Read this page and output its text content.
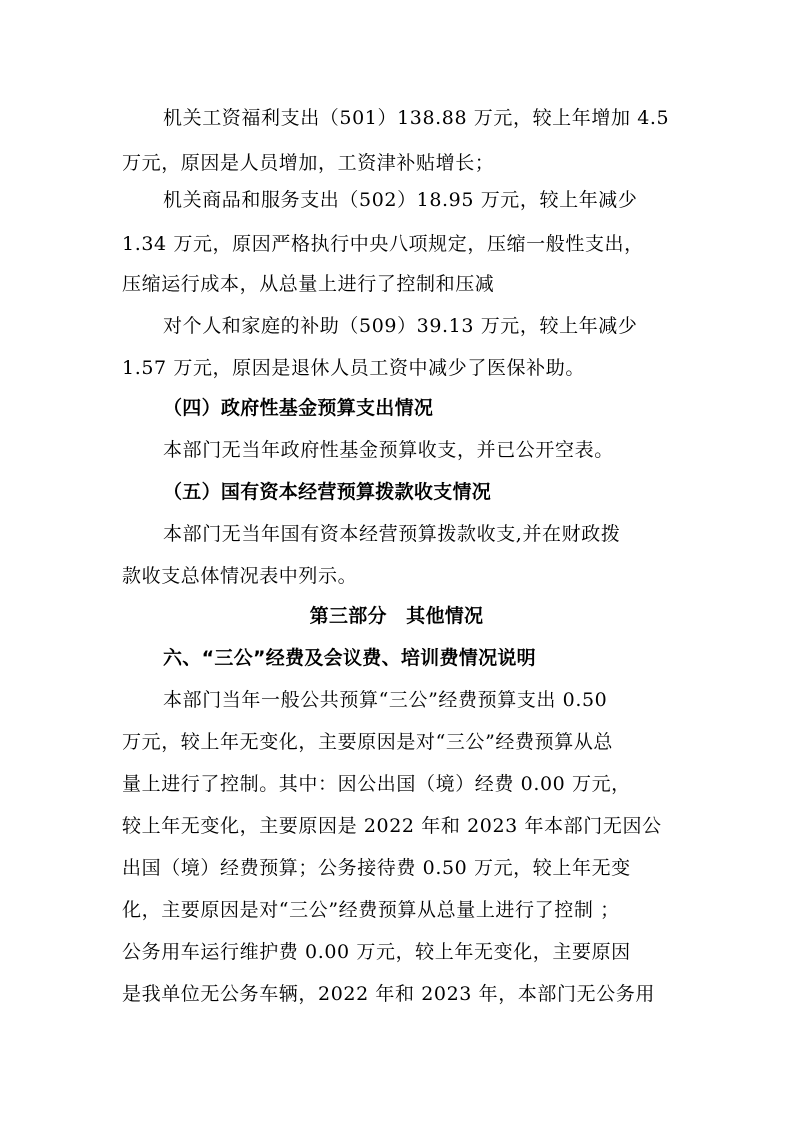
机关工资福利支出（501）138.88 万元，较上年增加 4.5
万元，原因是人员增加，工资津补贴增长；
机关商品和服务支出（502）18.95 万元，较上年减少
1.34 万元，原因严格执行中央八项规定，压缩一般性支出，
压缩运行成本，从总量上进行了控制和压减
对个人和家庭的补助（509）39.13 万元，较上年减少
1.57 万元，原因是退休人员工资中减少了医保补助。
（四）政府性基金预算支出情况
本部门无当年政府性基金预算收支，并已公开空表。
（五）国有资本经营预算拨款收支情况
本部门无当年国有资本经营预算拨款收支,并在财政拨
款收支总体情况表中列示。
第三部分　其他情况
六、“三公”经费及会议费、培训费情况说明
本部门当年一般公共预算“三公”经费预算支出 0.50
万元，较上年无变化，主要原因是对“三公”经费预算从总
量上进行了控制。其中：因公出国（境）经费 0.00 万元，
较上年无变化，主要原因是 2022 年和 2023 年本部门无因公
出国（境）经费预算；公务接待费 0.50 万元，较上年无变
化，主要原因是对“三公”经费预算从总量上进行了控制 ；
公务用车运行维护费 0.00 万元，较上年无变化，主要原因
是我单位无公务车辆，2022 年和 2023 年，本部门无公务用
